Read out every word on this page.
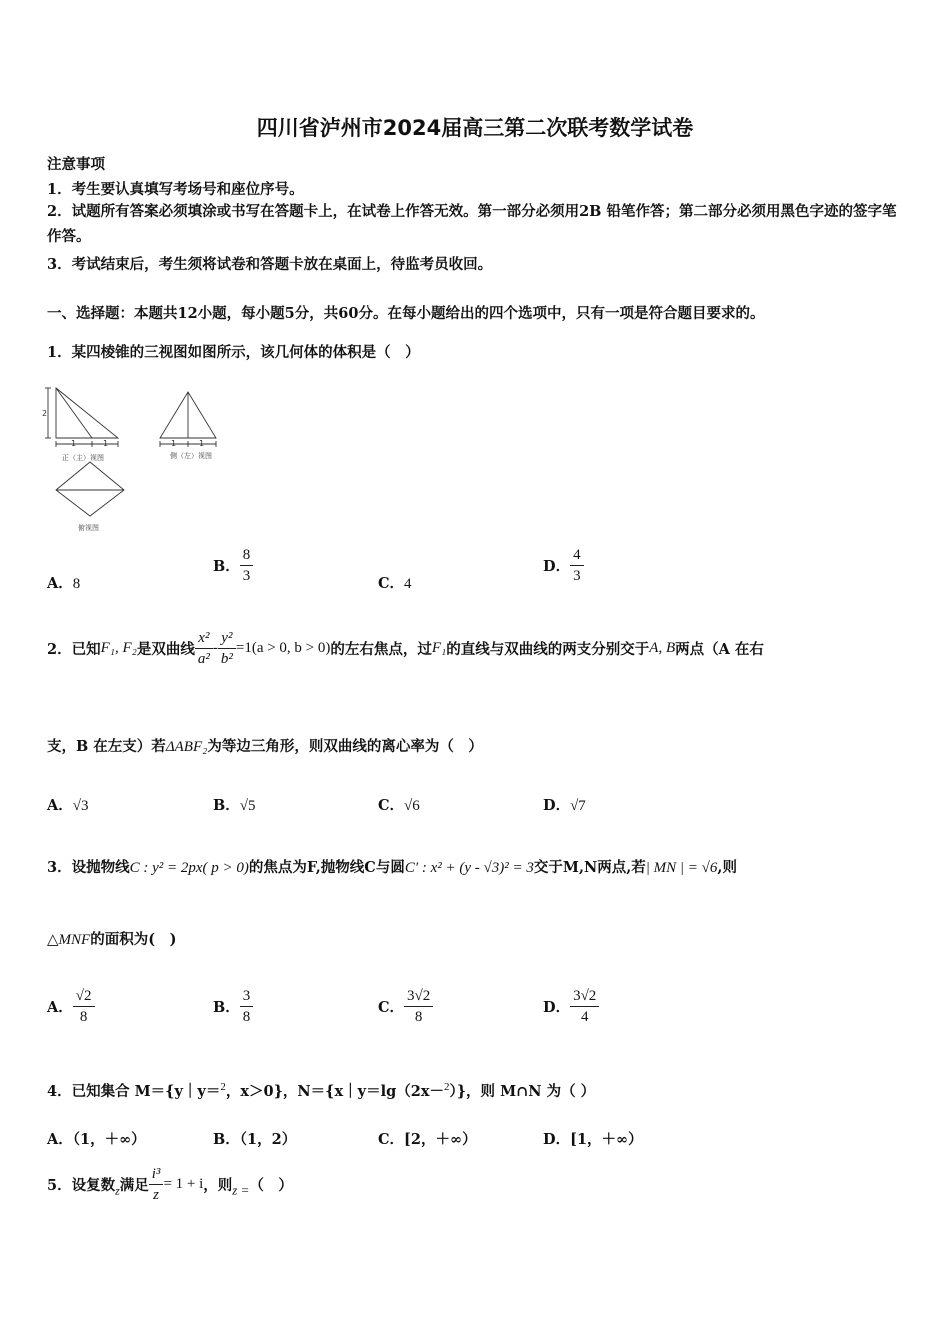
四川省泸州市2024届高三第二次联考数学试卷
注意事项
1．考生要认真填写考场号和座位序号。
2．试题所有答案必须填涂或书写在答题卡上，在试卷上作答无效。第一部分必须用2B 铅笔作答；第二部分必须用黑色字迹的签字笔作答。
3．考试结束后，考生须将试卷和答题卡放在桌面上，待监考员收回。
一、选择题：本题共12小题，每小题5分，共60分。在每小题给出的四个选项中，只有一项是符合题目要求的。
1．某四棱锥的三视图如图所示，该几何体的体积是（　）
2
1	1
正（主）视图
1	1
侧（左）视图
俯视图
A．8
B． $\frac{8}{3}$	C．4
D． $\frac{4}{3}$
2．已知F₁, F₂是双曲线 $\frac{\text{x²}}{\text{a²}} - \frac{\text{y²}}{\text{b²}} =1(a > 0$, b > 0)的左右焦点，过F₁的直线与双曲线的两支分别交于A, B两点（A 在右
支，B 在左支）若ΔABF₂为等边三角形，则双曲线的离心率为（　）
A．√3	B．√5	C．√6	D．√7
3．设抛物线C : y² = 2px( p > 0)的焦点为F,抛物线C与圆C′ : x² + (y - √3)² = 3交于M,N两点,若| MN | = √6,则
△MNF的面积为(　)
A． $\frac{√2}{8}$	B． $\frac{3}{8}$	C． $\frac{3√2}{8}$	D． $\frac{3√2}{4}$
4．已知集合 M＝{y｜y＝$^2$，x＞0}，N＝{x｜y＝lg（2x－$^2$）}，则 M∩N 为（ ）
A．（1，＋∞）	B．（1，2）	C．[2，＋∞）	D．[1，＋∞）
5．设复数$_z$满足 $\frac{\text{i³}}{z} = 1 + i$，则z =（　）
